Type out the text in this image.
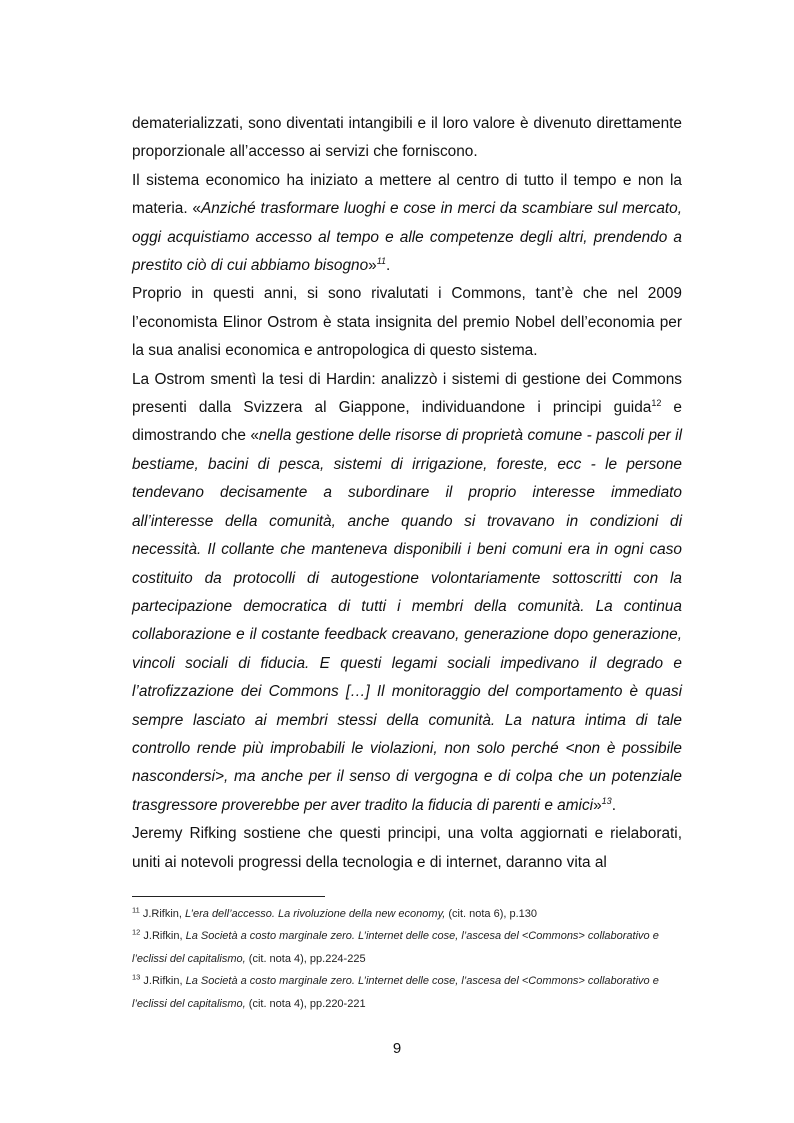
dematerializzati, sono diventati intangibili e il loro valore è divenuto direttamente proporzionale all’accesso ai servizi che forniscono.

Il sistema economico ha iniziato a mettere al centro di tutto il tempo e non la materia. «Anziché trasformare luoghi e cose in merci da scambiare sul mercato, oggi acquistiamo accesso al tempo e alle competenze degli altri, prendendo a prestito ciò di cui abbiamo bisogno»$^{11}$.

Proprio in questi anni, si sono rivalutati i Commons, tant’è che nel 2009 l’economista Elinor Ostrom è stata insignita del premio Nobel dell’economia per la sua analisi economica e antropologica di questo sistema.

La Ostrom smentì la tesi di Hardin: analizzò i sistemi di gestione dei Commons presenti dalla Svizzera al Giappone, individuandone i principi guida$^{12}$ e dimostrando che «nella gestione delle risorse di proprietà comune - pascoli per il bestiame, bacini di pesca, sistemi di irrigazione, foreste, ecc - le persone tendevano decisamente a subordinare il proprio interesse immediato all’interesse della comunità, anche quando si trovavano in condizioni di necessità. Il collante che manteneva disponibili i beni comuni era in ogni caso costituito da protocolli di autogestione volontariamente sottoscritti con la partecipazione democratica di tutti i membri della comunità. La continua collaborazione e il costante feedback creavano, generazione dopo generazione, vincoli sociali di fiducia. E questi legami sociali impedivano il degrado e l’atrofizzazione dei Commons […] Il monitoraggio del comportamento è quasi sempre lasciato ai membri stessi della comunità. La natura intima di tale controllo rende più improbabili le violazioni, non solo perché <non è possibile nascondersi>, ma anche per il senso di vergogna e di colpa che un potenziale trasgressore proverebbe per aver tradito la fiducia di parenti e amici»$^{13}$.

Jeremy Rifking sostiene che questi principi, una volta aggiornati e rielaborati, uniti ai notevoli progressi della tecnologia e di internet, daranno vita al

$^{11}$ J.Rifkin, L’era dell’accesso. La rivoluzione della new economy, (cit. nota 6), p.130

$^{12}$ J.Rifkin, La Società a costo marginale zero. L’internet delle cose, l’ascesa del <Commons> collaborativo e l’eclissi del capitalismo, (cit. nota 4), pp.224-225

$^{13}$ J.Rifkin, La Società a costo marginale zero. L’internet delle cose, l’ascesa del <Commons> collaborativo e l’eclissi del capitalismo, (cit. nota 4), pp.220-221

9
